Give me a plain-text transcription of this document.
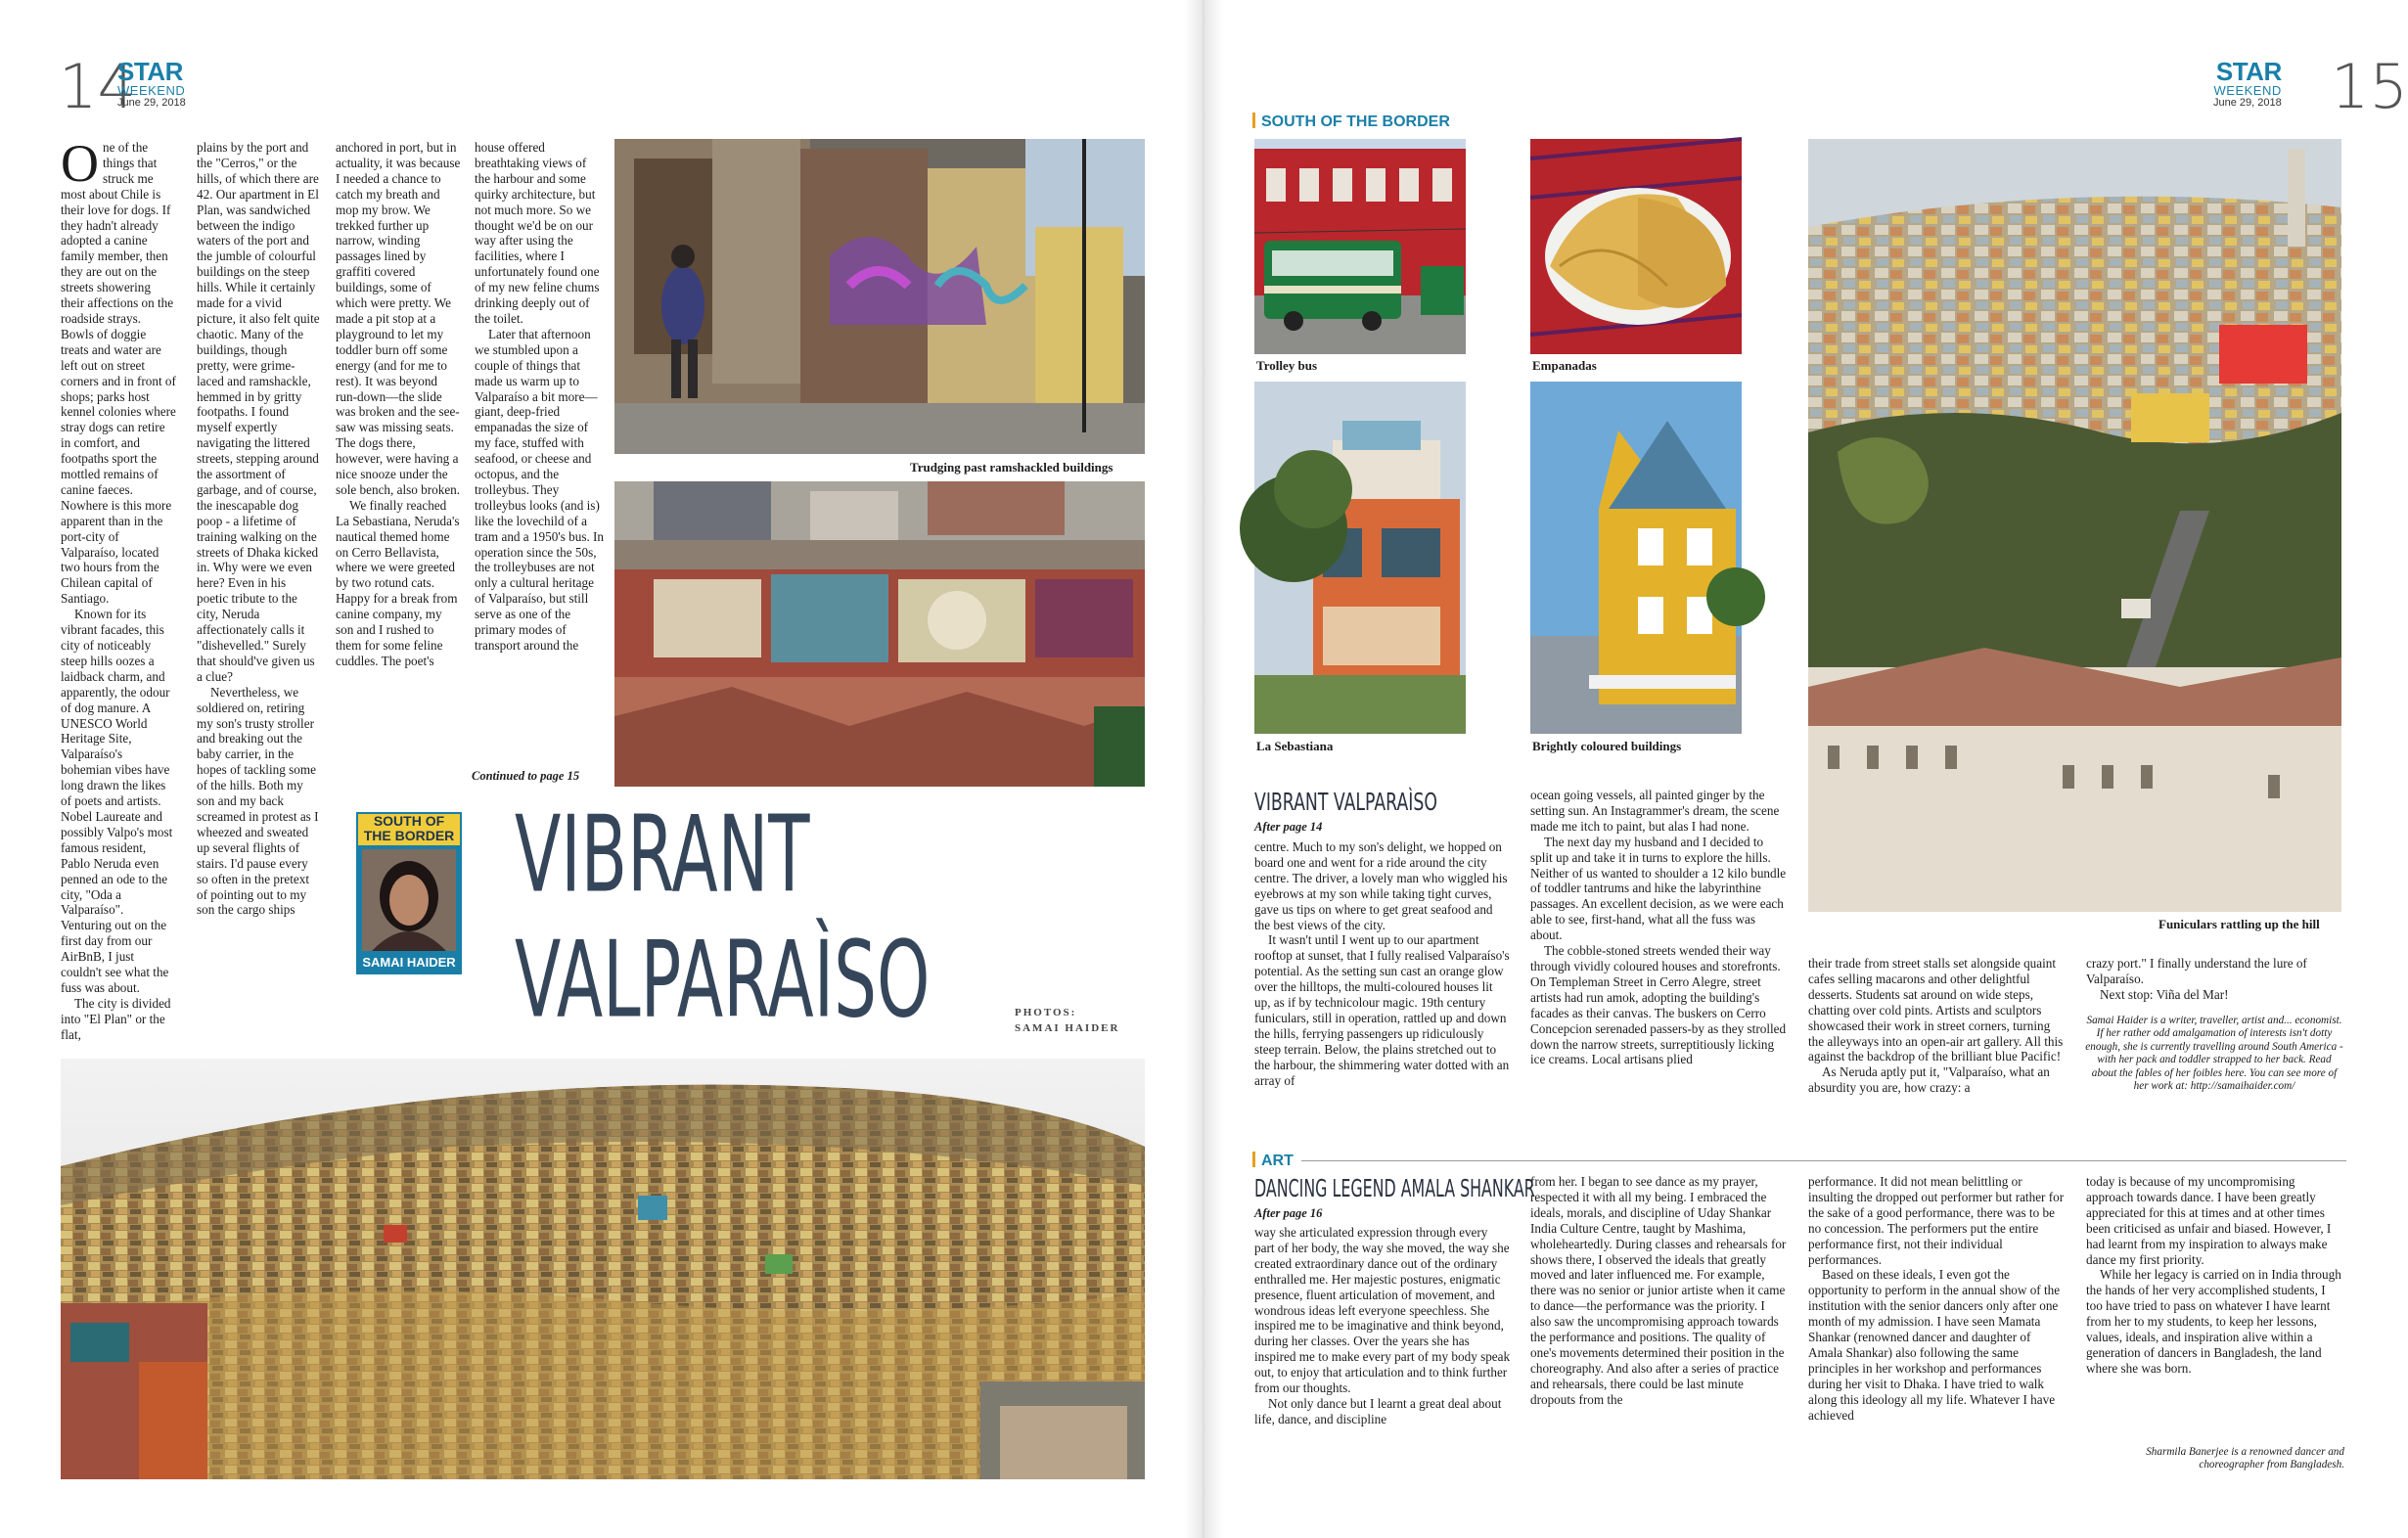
14
STAR
WEEKEND
June 29, 2018

One of the things that struck me most about Chile is their love for dogs. If they hadn't already adopted a canine family member, then they are out on the streets showering their affections on the roadside strays. Bowls of doggie treats and water are left out on street corners and in front of shops; parks host kennel colonies where stray dogs can retire in comfort, and footpaths sport the mottled remains of canine faeces. Nowhere is this more apparent than in the port-city of Valparaíso, located two hours from the Chilean capital of Santiago.

Known for its vibrant facades, this city of noticeably steep hills oozes a laidback charm, and apparently, the odour of dog manure. A UNESCO World Heritage Site, Valparaíso's bohemian vibes have long drawn the likes of poets and artists. Nobel Laureate and possibly Valpo's most famous resident, Pablo Neruda even penned an ode to the city, "Oda a Valparaíso". Venturing out on the first day from our AirBnB, I just couldn't see what the fuss was about.

The city is divided into "El Plan" or the flat,

plains by the port and the "Cerros," or the hills, of which there are 42. Our apartment in El Plan, was sandwiched between the indigo waters of the port and the jumble of colourful buildings on the steep hills. While it certainly made for a vivid picture, it also felt quite chaotic. Many of the buildings, though pretty, were grime-laced and ramshackle, hemmed in by gritty footpaths. I found myself expertly navigating the littered streets, stepping around the assortment of garbage, and of course, the inescapable dog poop - a lifetime of training walking on the streets of Dhaka kicked in. Why were we even here? Even in his poetic tribute to the city, Neruda affectionately calls it "dishevelled." Surely that should've given us a clue?

Nevertheless, we soldiered on, retiring my son's trusty stroller and breaking out the baby carrier, in the hopes of tackling some of the hills. Both my son and my back screamed in protest as I wheezed and sweated up several flights of stairs. I'd pause every so often in the pretext of pointing out to my son the cargo ships

anchored in port, but in actuality, it was because I needed a chance to catch my breath and mop my brow. We trekked further up narrow, winding passages lined by graffiti covered buildings, some of which were pretty. We made a pit stop at a playground to let my toddler burn off some energy (and for me to rest). It was beyond run-down—the slide was broken and the see-saw was missing seats. The dogs there, however, were having a nice snooze under the sole bench, also broken.

We finally reached La Sebastiana, Neruda's nautical themed home on Cerro Bellavista, where we were greeted by two rotund cats. Happy for a break from canine company, my son and I rushed to them for some feline cuddles. The poet's

house offered breathtaking views of the harbour and some quirky architecture, but not much more. So we thought we'd be on our way after using the facilities, where I unfortunately found one of my new feline chums drinking deeply out of the toilet.

Later that afternoon we stumbled upon a couple of things that made us warm up to Valparaíso a bit more—giant, deep-fried empanadas the size of my face, stuffed with seafood, or cheese and octopus, and the trolleybus. They trolleybus looks (and is) like the lovechild of a tram and a 1950's bus. In operation since the 50s, the trolleybuses are not only a cultural heritage of Valparaíso, but still serve as one of the primary modes of transport around the

Continued to page 15
Trudging past ramshackled buildings
SOUTH OF THE BORDER
SAMAI HAIDER
VIBRANT
VALPARAÌSO	PHOTOS:
SAMAI HAIDER
STAR
WEEKEND
June 29, 2018 15
SOUTH OF THE BORDER
Trolley bus	Empanadas
La Sebastiana	Brightly coloured buildings
Funiculars rattling up the hill
VIBRANT VALPARAÌSO
After page 14

centre. Much to my son's delight, we hopped on board one and went for a ride around the city centre. The driver, a lovely man who wiggled his eyebrows at my son while taking tight curves, gave us tips on where to get great seafood and the best views of the city.

It wasn't until I went up to our apartment rooftop at sunset, that I fully realised Valparaíso's potential. As the setting sun cast an orange glow over the hilltops, the multi-coloured houses lit up, as if by technicolour magic. 19th century funiculars, still in operation, rattled up and down the hills, ferrying passengers up ridiculously steep terrain. Below, the plains stretched out to the harbour, the shimmering water dotted with an array of

ocean going vessels, all painted ginger by the setting sun. An Instagrammer's dream, the scene made me itch to paint, but alas I had none.

The next day my husband and I decided to split up and take it in turns to explore the hills. Neither of us wanted to shoulder a 12 kilo bundle of toddler tantrums and hike the labyrinthine passages. An excellent decision, as we were each able to see, first-hand, what all the fuss was about.

The cobble-stoned streets wended their way through vividly coloured houses and storefronts. On Templeman Street in Cerro Alegre, street artists had run amok, adopting the building's facades as their canvas. The buskers on Cerro Concepcion serenaded passers-by as they strolled down the narrow streets, surreptitiously licking ice creams. Local artisans plied

their trade from street stalls set alongside quaint cafes selling macarons and other delightful desserts. Students sat around on wide steps, chatting over cold pints. Artists and sculptors showcased their work in street corners, turning the alleyways into an open-air art gallery. All this against the backdrop of the brilliant blue Pacific!

As Neruda aptly put it, "Valparaíso, what an absurdity you are, how crazy: a

crazy port." I finally understand the lure of Valparaíso.

Next stop: Viña del Mar!

Samai Haider is a writer, traveller, artist and... economist. If her rather odd amalgamation of interests isn't dotty enough, she is currently travelling around South America - with her pack and toddler strapped to her back. Read about the fables of her foibles here. You can see more of her work at: http://samaihaider.com/
ART
DANCING LEGEND AMALA SHANKAR
After page 16

way she articulated expression through every part of her body, the way she moved, the way she created extraordinary dance out of the ordinary enthralled me. Her majestic postures, enigmatic presence, fluent articulation of movement, and wondrous ideas left everyone speechless. She inspired me to be imaginative and think beyond, during her classes. Over the years she has inspired me to make every part of my body speak out, to enjoy that articulation and to think further from our thoughts.

Not only dance but I learnt a great deal about life, dance, and discipline

from her. I began to see dance as my prayer, respected it with all my being. I embraced the ideals, morals, and discipline of Uday Shankar India Culture Centre, taught by Mashima, wholeheartedly. During classes and rehearsals for shows there, I observed the ideals that greatly moved and later influenced me. For example, there was no senior or junior artiste when it came to dance—the performance was the priority. I also saw the uncompromising approach towards the performance and positions. The quality of one's movements determined their position in the choreography. And also after a series of practice and rehearsals, there could be last minute dropouts from the

performance. It did not mean belittling or insulting the dropped out performer but rather for the sake of a good performance, there was to be no concession. The performers put the entire performance first, not their individual performances.

Based on these ideals, I even got the opportunity to perform in the annual show of the institution with the senior dancers only after one month of my admission. I have seen Mamata Shankar (renowned dancer and daughter of Amala Shankar) also following the same principles in her workshop and performances during her visit to Dhaka. I have tried to walk along this ideology all my life. Whatever I have achieved

today is because of my uncompromising approach towards dance. I have been greatly appreciated for this at times and at other times been criticised as unfair and biased. However, I had learnt from my inspiration to always make dance my first priority.

While her legacy is carried on in India through the hands of her very accomplished students, I too have tried to pass on whatever I have learnt from her to my students, to keep her lessons, values, ideals, and inspiration alive within a generation of dancers in Bangladesh, the land where she was born.

Sharmila Banerjee is a renowned dancer and choreographer from Bangladesh.
